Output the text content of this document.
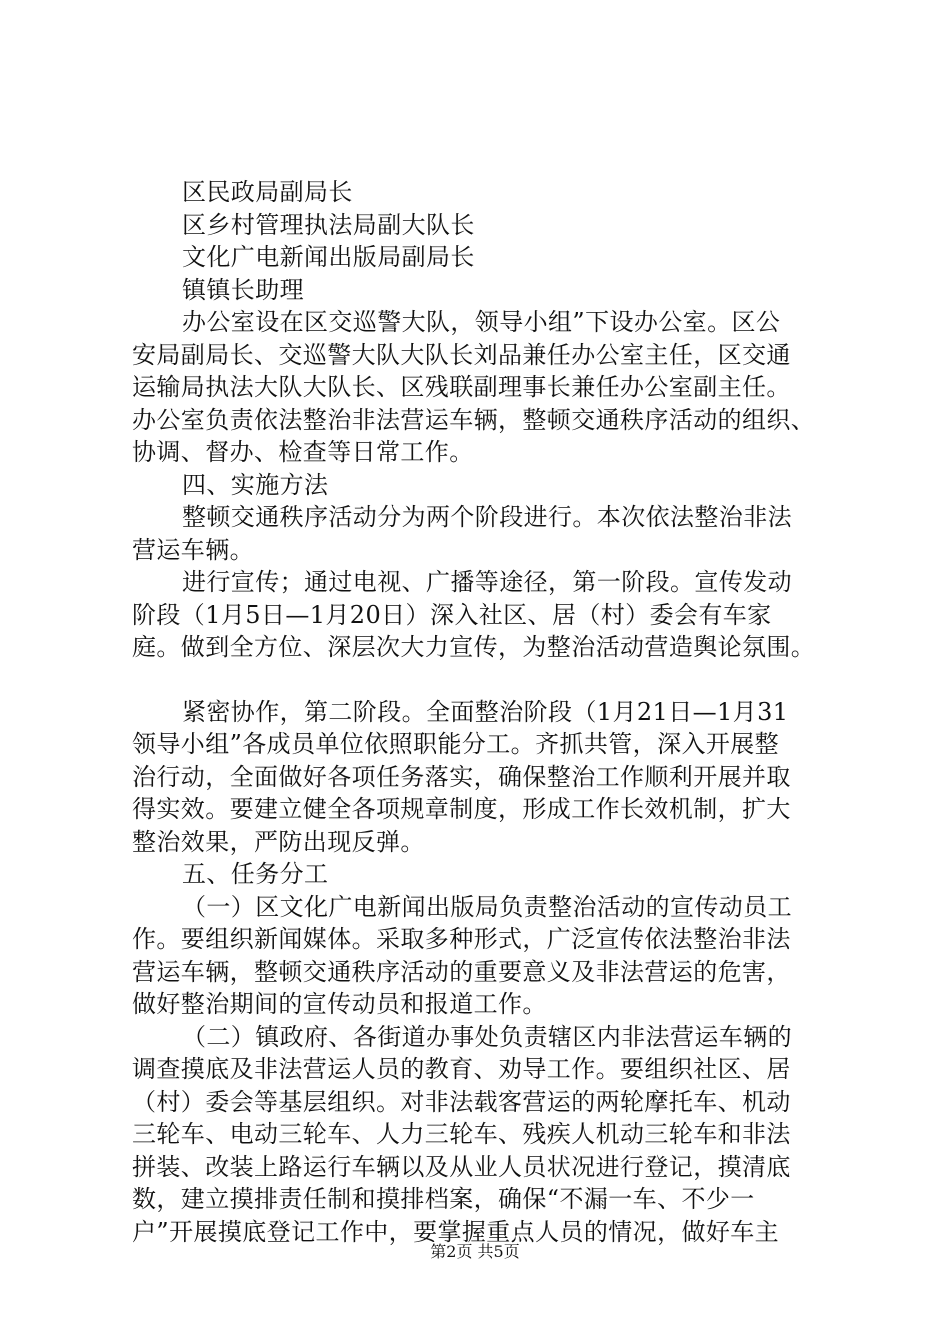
区民政局副局长
区乡村管理执法局副大队长
文化广电新闻出版局副局长
镇镇长助理
办公室设在区交巡警大队，领导小组”下设办公室。区公
安局副局长、交巡警大队大队长刘品兼任办公室主任，区交通
运输局执法大队大队长、区残联副理事长兼任办公室副主任。
办公室负责依法整治非法营运车辆，整顿交通秩序活动的组织、
协调、督办、检查等日常工作。
四、实施方法
整顿交通秩序活动分为两个阶段进行。本次依法整治非法
营运车辆。
进行宣传；通过电视、广播等途径，第一阶段。宣传发动
阶段（1月5日—1月20日）深入社区、居（村）委会有车家
庭。做到全方位、深层次大力宣传，为整治活动营造舆论氛围。
紧密协作，第二阶段。全面整治阶段（1月21日—1月31
领导小组”各成员单位依照职能分工。齐抓共管，深入开展整
治行动，全面做好各项任务落实，确保整治工作顺利开展并取
得实效。要建立健全各项规章制度，形成工作长效机制，扩大
整治效果，严防出现反弹。
五、任务分工
（一）区文化广电新闻出版局负责整治活动的宣传动员工
作。要组织新闻媒体。采取多种形式，广泛宣传依法整治非法
营运车辆，整顿交通秩序活动的重要意义及非法营运的危害，
做好整治期间的宣传动员和报道工作。
（二）镇政府、各街道办事处负责辖区内非法营运车辆的
调查摸底及非法营运人员的教育、劝导工作。要组织社区、居
（村）委会等基层组织。对非法载客营运的两轮摩托车、机动
三轮车、电动三轮车、人力三轮车、残疾人机动三轮车和非法
拼装、改装上路运行车辆以及从业人员状况进行登记，摸清底
数，建立摸排责任制和摸排档案，确保“不漏一车、不少一
户”开展摸底登记工作中，要掌握重点人员的情况，做好车主
第2页 共5页
